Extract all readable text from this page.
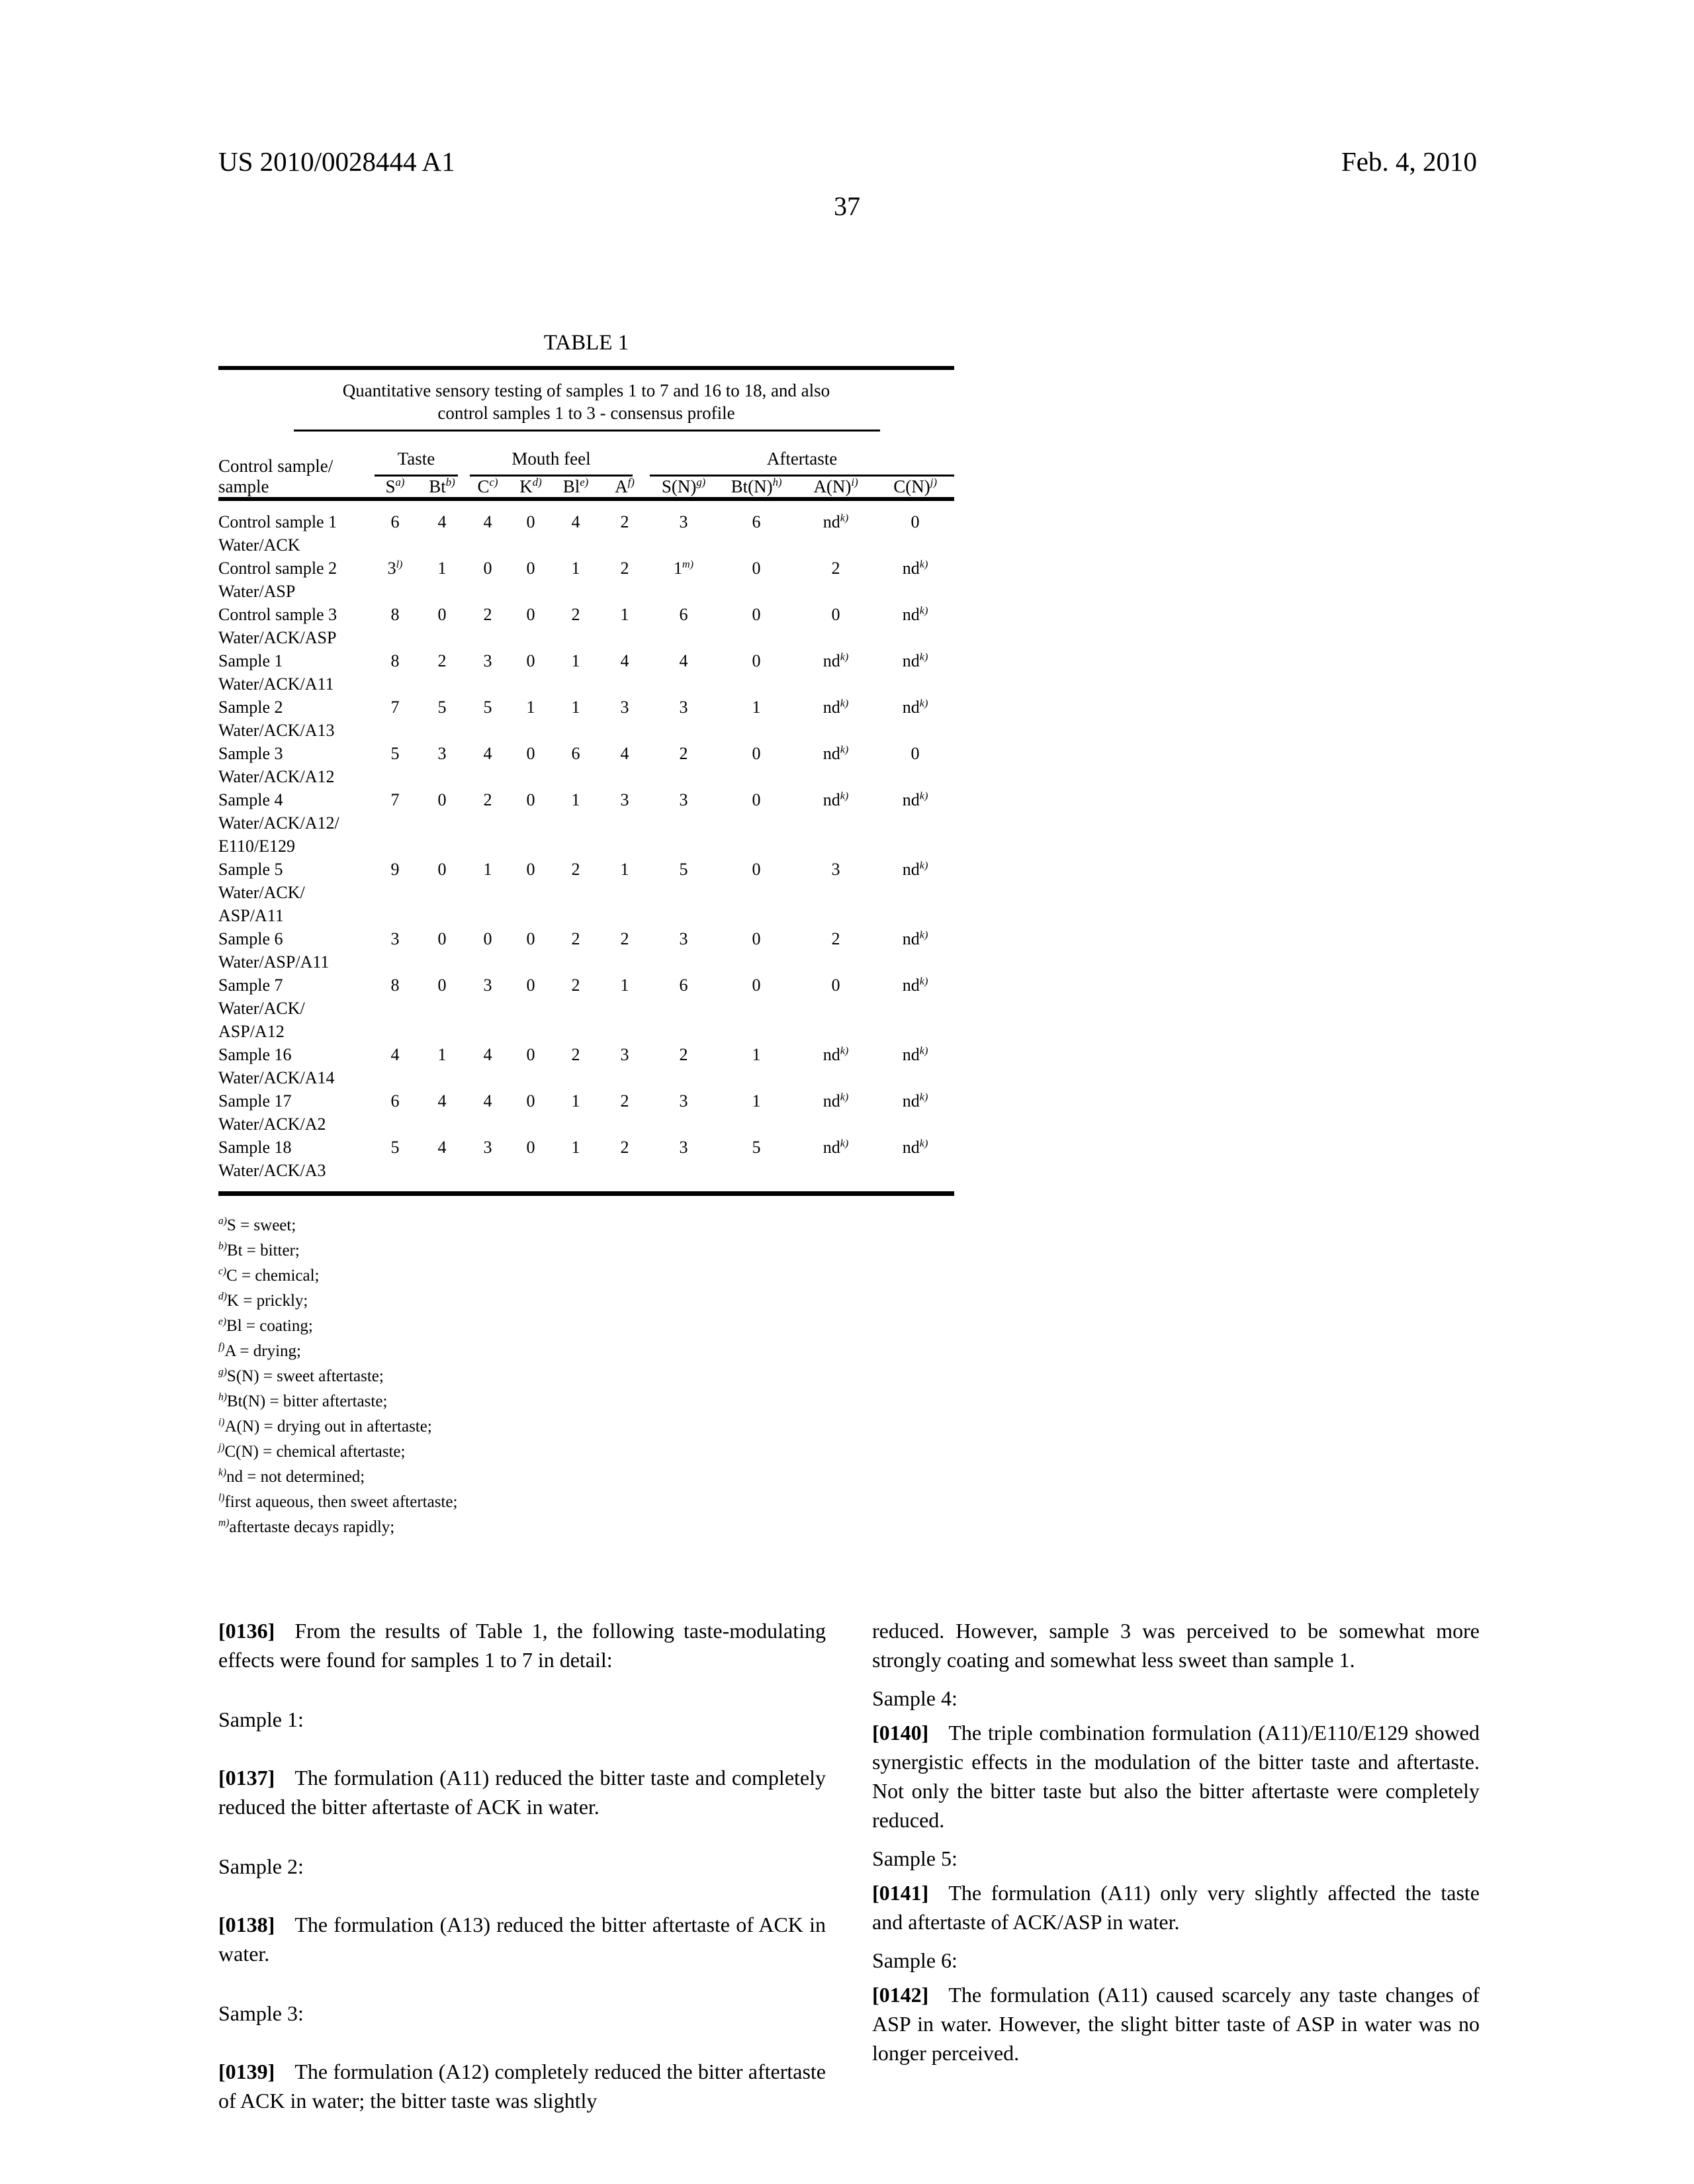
US 2010/0028444 A1	Feb. 4, 2010
37
TABLE 1
Quantitative sensory testing of samples 1 to 7 and 16 to 18, and also
control samples 1 to 3 - consensus profile
Control sample/	Taste		Mouth feel				Aftertaste			

sample	$S^{a)}$	Bt$^{b)}$	$C^{c)}$	$K^{d)}$	Bl$^{e)}$	$A^{f)}$	$S(N)^{g)}$	$Bt(N)^{h)}$	$A(N)^{i)}$	$C(N)^{j)}$
Control sample 1	6	4	4	0	4	2	3	6	$nd^{k)}$	0
Water/ACK										
Control sample 2	3$^{l)}$	1	0	0	1	2	1$^{m)}$	0	2	$nd^{k)}$
Water/ASP										
Control sample 3	8	0	2	0	2	1	6	0	0	$nd^{k)}$
Water/ACK/ASP										
Sample 1	8	2	3	0	1	4	4	0	$nd^{k)}$	$nd^{k)}$
Water/ACK/A11										
Sample 2	7	5	5	1	1	3	3	1	$nd^{k)}$	$nd^{k)}$
Water/ACK/A13										
Sample 3	5	3	4	0	6	4	2	0	$nd^{k)}$	0
Water/ACK/A12										
Sample 4	7	0	2	0	1	3	3	0	$nd^{k)}$	$nd^{k)}$
Water/ACK/A12/										
E110/E129										
Sample 5	9	0	1	0	2	1	5	0	3	$nd^{k)}$
Water/ACK/										
ASP/A11										
Sample 6	3	0	0	0	2	2	3	0	2	$nd^{k)}$
Water/ASP/A11										
Sample 7	8	0	3	0	2	1	6	0	0	$nd^{k)}$
Water/ACK/										
ASP/A12										
Sample 16	4	1	4	0	2	3	2	1	$nd^{k)}$	$nd^{k)}$
Water/ACK/A14										
Sample 17	6	4	4	0	1	2	3	1	$nd^{k)}$	$nd^{k)}$
Water/ACK/A2										
Sample 18	5	4	3	0	1	2	3	5	$nd^{k)}$	$nd^{k)}$
Water/ACK/A3										
$^{a)}$S = sweet;
$^{b)}$Bt = bitter;
$^{c)}$C = chemical;
$^{d)}$K = prickly;
$^{e)}$Bl = coating;
$^{f)}$A = drying;
$^{g)}$S(N) = sweet aftertaste;
$^{h)}$Bt(N) = bitter aftertaste;
$^{i)}$A(N) = drying out in aftertaste;
$^{j)}$C(N) = chemical aftertaste;
$^{k)}$nd = not determined;
$^{l)}$first aqueous, then sweet aftertaste;
$^{m)}$aftertaste decays rapidly;

[0136] From the results of Table 1, the following taste-modulating effects were found for samples 1 to 7 in detail:

Sample 1:

[0137] The formulation (A11) reduced the bitter taste and completely reduced the bitter aftertaste of ACK in water.

Sample 2:

[0138] The formulation (A13) reduced the bitter aftertaste of ACK in water.

Sample 3:

[0139] The formulation (A12) completely reduced the bitter aftertaste of ACK in water; the bitter taste was slightly

reduced. However, sample 3 was perceived to be somewhat more strongly coating and somewhat less sweet than sample 1.

Sample 4:

[0140] The triple combination formulation (A11)/E110/E129 showed synergistic effects in the modulation of the bitter taste and aftertaste. Not only the bitter taste but also the bitter aftertaste were completely reduced.

Sample 5:

[0141] The formulation (A11) only very slightly affected the taste and aftertaste of ACK/ASP in water.

Sample 6:

[0142] The formulation (A11) caused scarcely any taste changes of ASP in water. However, the slight bitter taste of ASP in water was no longer perceived.
